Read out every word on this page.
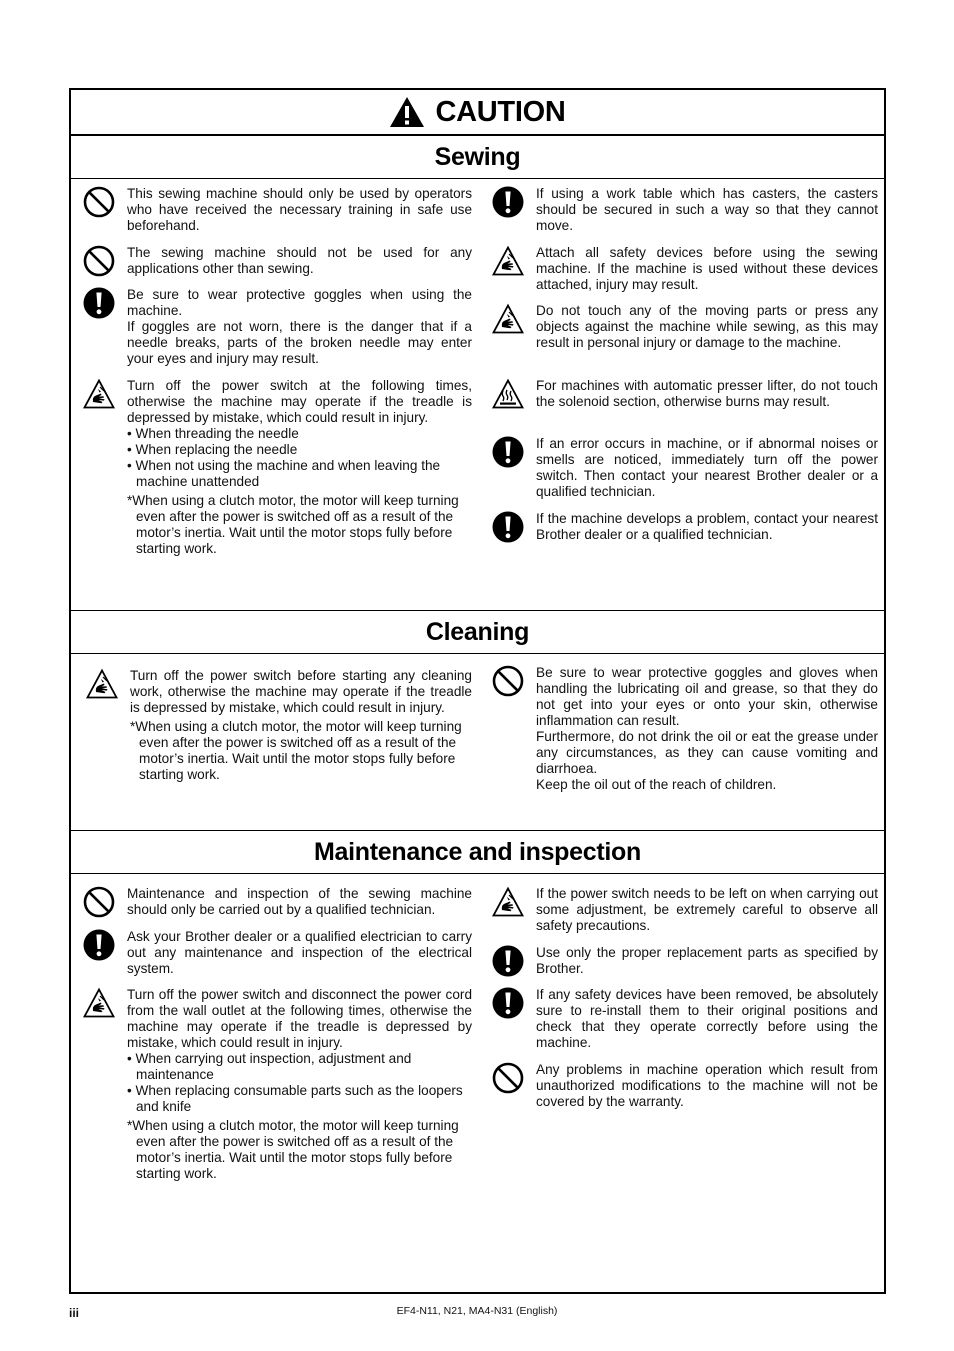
CAUTION
Sewing
Cleaning
Maintenance and inspection
This sewing machine should only be used by operators who have received the necessary training in safe use beforehand.
The sewing machine should not be used for any applications other than sewing.
Be sure to wear protective goggles when using the machine.
If goggles are not worn, there is the danger that if a needle breaks, parts of the broken needle may enter your eyes and injury may result.
Turn off the power switch at the following times, otherwise the machine may operate if the treadle is depressed by mistake, which could result in injury.
• When threading the needle
• When replacing the needle
• When not using the machine and when leaving the machine unattended
*When using a clutch motor, the motor will keep turning even after the power is switched off as a result of the motor’s inertia. Wait until the motor stops fully before starting work.
If using a work table which has casters, the casters should be secured in such a way so that they cannot move.
Attach all safety devices before using the sewing machine. If the machine is used without these devices attached, injury may result.
Do not touch any of the moving parts or press any objects against the machine while sewing, as this may result in personal injury or damage to the machine.
For machines with automatic presser lifter, do not touch the solenoid section, otherwise burns may result.
If an error occurs in machine, or if abnormal noises or smells are noticed, immediately turn off the power switch. Then contact your nearest Brother dealer or a qualified technician.
If the machine develops a problem, contact your nearest Brother dealer or a qualified technician.
Turn off the power switch before starting any cleaning work, otherwise the machine may operate if the treadle is depressed by mistake, which could result in injury.
*When using a clutch motor, the motor will keep turning even after the power is switched off as a result of the motor’s inertia. Wait until the motor stops fully before starting work.
Be sure to wear protective goggles and gloves when handling the lubricating oil and grease, so that they do not get into your eyes or onto your skin, otherwise inflammation can result.
Furthermore, do not drink the oil or eat the grease under any circumstances, as they can cause vomiting and diarrhoea.
Keep the oil out of the reach of children.
Maintenance and inspection of the sewing machine should only be carried out by a qualified technician.
Ask your Brother dealer or a qualified electrician to carry out any maintenance and inspection of the electrical system.
Turn off the power switch and disconnect the power cord from the wall outlet at the following times, otherwise the machine may operate if the treadle is depressed by mistake, which could result in injury.
• When carrying out inspection, adjustment and maintenance
• When replacing consumable parts such as the loopers and knife
*When using a clutch motor, the motor will keep turning even after the power is switched off as a result of the motor’s inertia. Wait until the motor stops fully before starting work.
If the power switch needs to be left on when carrying out some adjustment, be extremely careful to observe all safety precautions.
Use only the proper replacement parts as specified by Brother.
If any safety devices have been removed, be absolutely sure to re-install them to their original positions and check that they operate correctly before using the machine.
Any problems in machine operation which result from unauthorized modifications to the machine will not be covered by the warranty.
iii	EF4-N11, N21, MA4-N31 (English)
